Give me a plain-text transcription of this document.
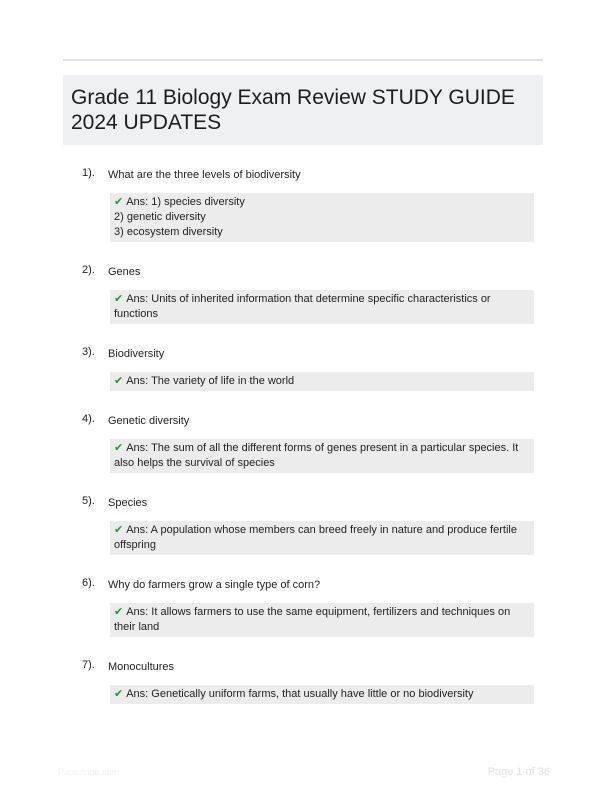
Grade 11 Biology Exam Review STUDY GUIDE 2024 UPDATES
1). What are the three levels of biodiversity
✔ Ans: 1) species diversity
2) genetic diversity
3) ecosystem diversity
2). Genes
✔ Ans: Units of inherited information that determine specific characteristics or functions
3). Biodiversity
✔ Ans: The variety of life in the world
4). Genetic diversity
✔ Ans: The sum of all the different forms of genes present in a particular species. It also helps the survival of species
5). Species
✔ Ans: A population whose members can breed freely in nature and produce fertile offspring
6). Why do farmers grow a single type of corn?
✔ Ans: It allows farmers to use the same equipment, fertilizers and techniques on their land
7). Monocultures
✔ Ans: Genetically uniform farms, that usually have little or no biodiversity
Papertribe.com	Page 1 of 36
